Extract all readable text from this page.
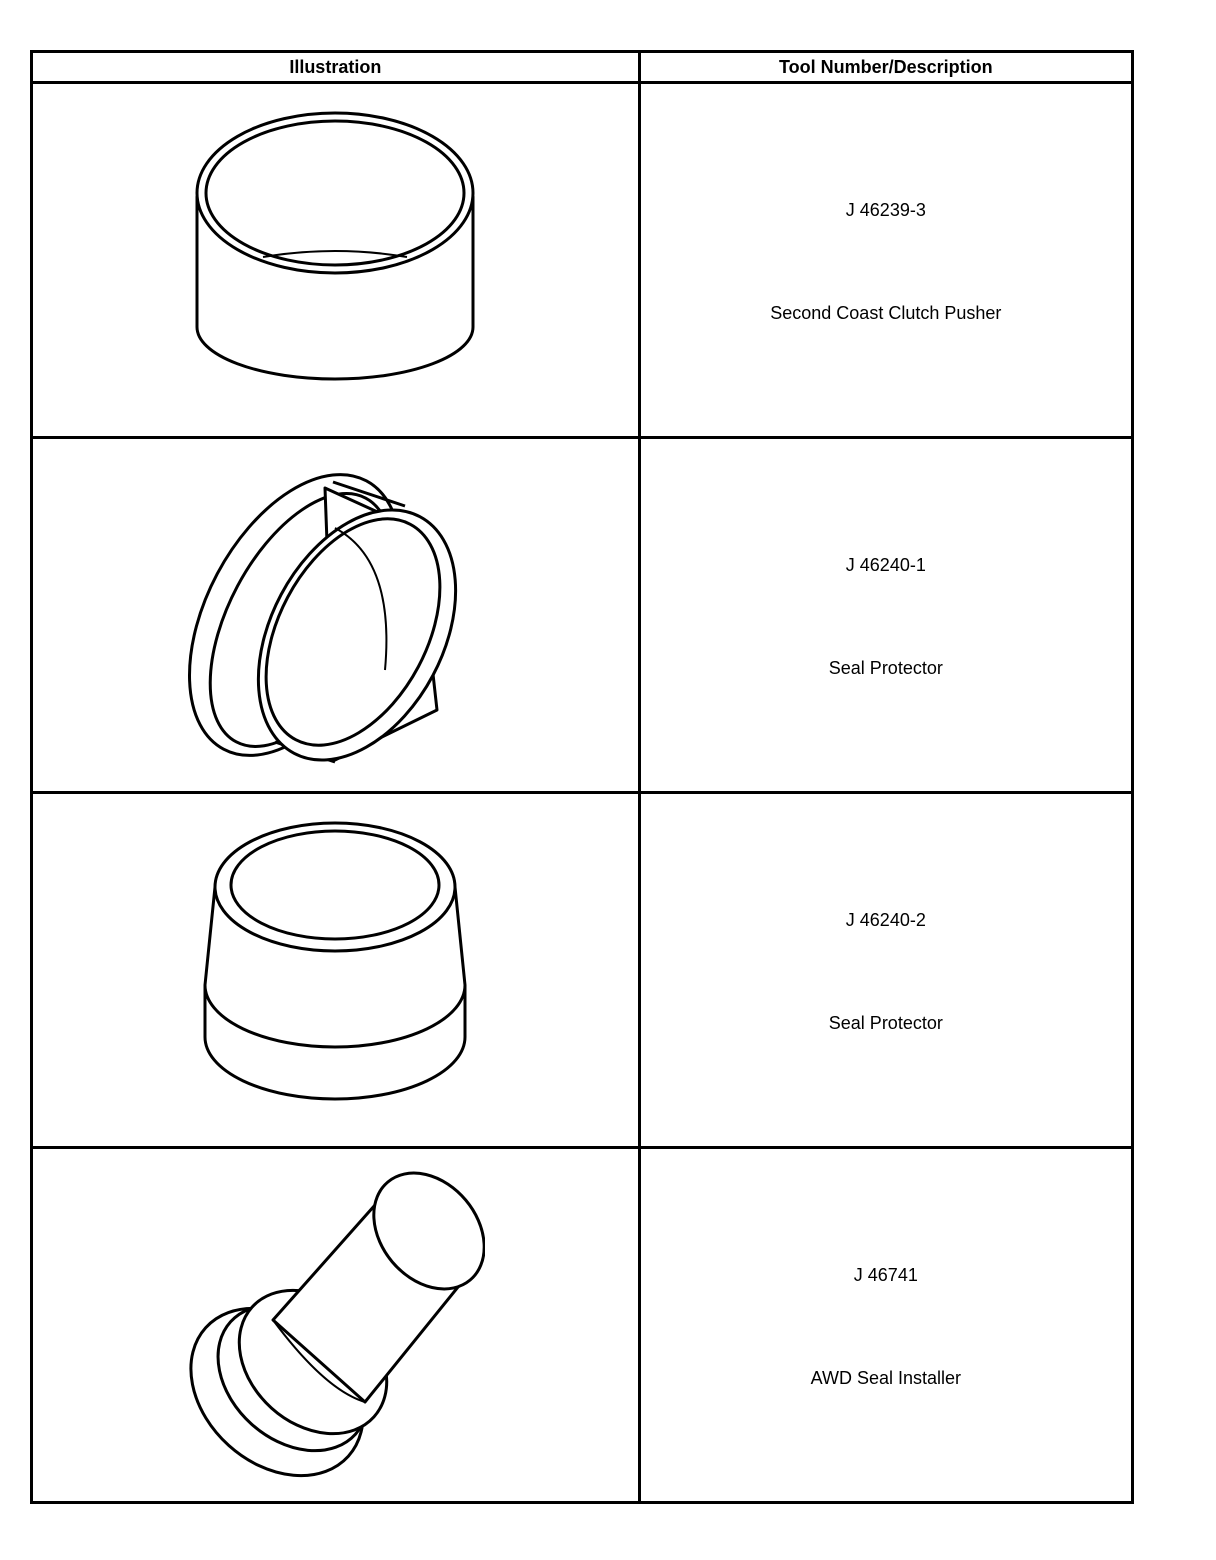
Illustration	Tool Number/Description

J 46239-3
Second Coast Clutch Pusher

J 46240-1
Seal Protector

J 46240-2
Seal Protector

J 46741
AWD Seal Installer
